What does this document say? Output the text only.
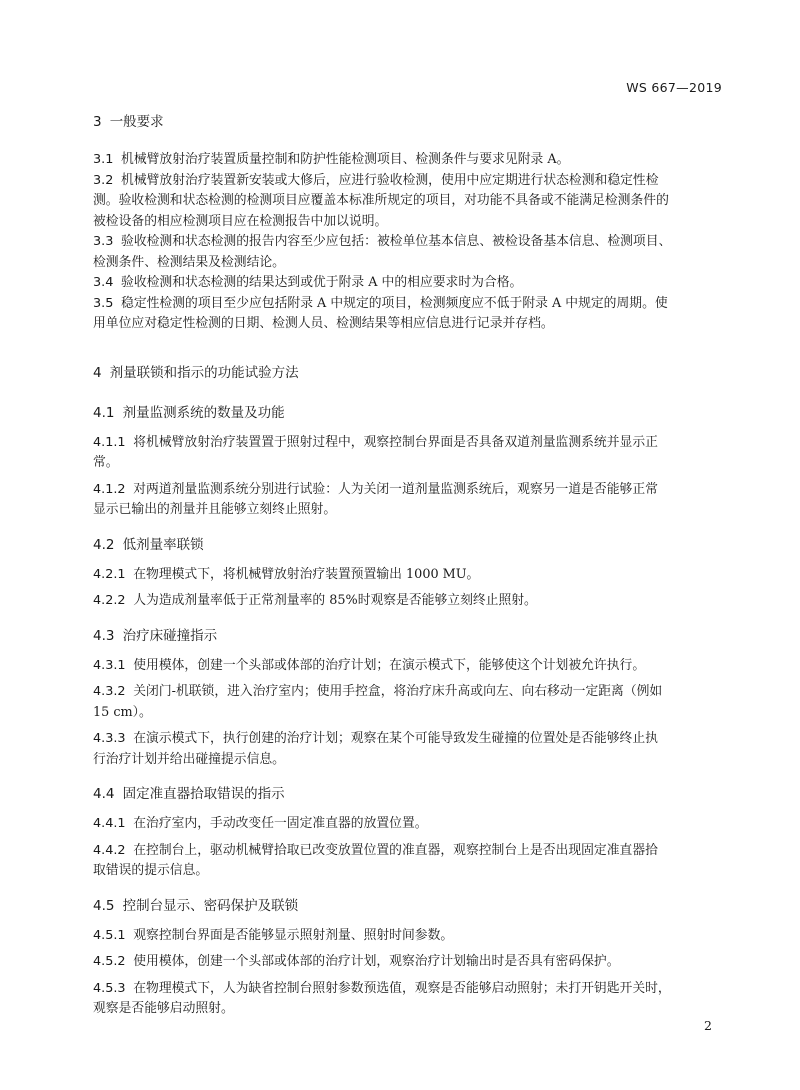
WS 667—2019
3 一般要求

3.1 机械臂放射治疗装置质量控制和防护性能检测项目、检测条件与要求见附录 A。

3.2 机械臂放射治疗装置新安装或大修后，应进行验收检测，使用中应定期进行状态检测和稳定性检
测。验收检测和状态检测的检测项目应覆盖本标准所规定的项目，对功能不具备或不能满足检测条件的
被检设备的相应检测项目应在检测报告中加以说明。

3.3 验收检测和状态检测的报告内容至少应包括：被检单位基本信息、被检设备基本信息、检测项目、
检测条件、检测结果及检测结论。

3.4 验收检测和状态检测的结果达到或优于附录 A 中的相应要求时为合格。

3.5 稳定性检测的项目至少应包括附录 A 中规定的项目，检测频度应不低于附录 A 中规定的周期。使
用单位应对稳定性检测的日期、检测人员、检测结果等相应信息进行记录并存档。

4 剂量联锁和指示的功能试验方法
4.1 剂量监测系统的数量及功能

4.1.1 将机械臂放射治疗装置置于照射过程中，观察控制台界面是否具备双道剂量监测系统并显示正
常。

4.1.2 对两道剂量监测系统分别进行试验：人为关闭一道剂量监测系统后，观察另一道是否能够正常
显示已输出的剂量并且能够立刻终止照射。

4.2 低剂量率联锁

4.2.1 在物理模式下，将机械臂放射治疗装置预置输出 1000 MU。

4.2.2 人为造成剂量率低于正常剂量率的 85%时观察是否能够立刻终止照射。

4.3 治疗床碰撞指示

4.3.1 使用模体，创建一个头部或体部的治疗计划；在演示模式下，能够使这个计划被允许执行。

4.3.2 关闭门-机联锁，进入治疗室内；使用手控盒，将治疗床升高或向左、向右移动一定距离（例如
15 cm）。

4.3.3 在演示模式下，执行创建的治疗计划；观察在某个可能导致发生碰撞的位置处是否能够终止执
行治疗计划并给出碰撞提示信息。

4.4 固定准直器拾取错误的指示

4.4.1 在治疗室内，手动改变任一固定准直器的放置位置。

4.4.2 在控制台上，驱动机械臂拾取已改变放置位置的准直器，观察控制台上是否出现固定准直器拾
取错误的提示信息。

4.5 控制台显示、密码保护及联锁

4.5.1 观察控制台界面是否能够显示照射剂量、照射时间参数。

4.5.2 使用模体，创建一个头部或体部的治疗计划，观察治疗计划输出时是否具有密码保护。

4.5.3 在物理模式下，人为缺省控制台照射参数预选值，观察是否能够启动照射；未打开钥匙开关时，
观察是否能够启动照射。

2
